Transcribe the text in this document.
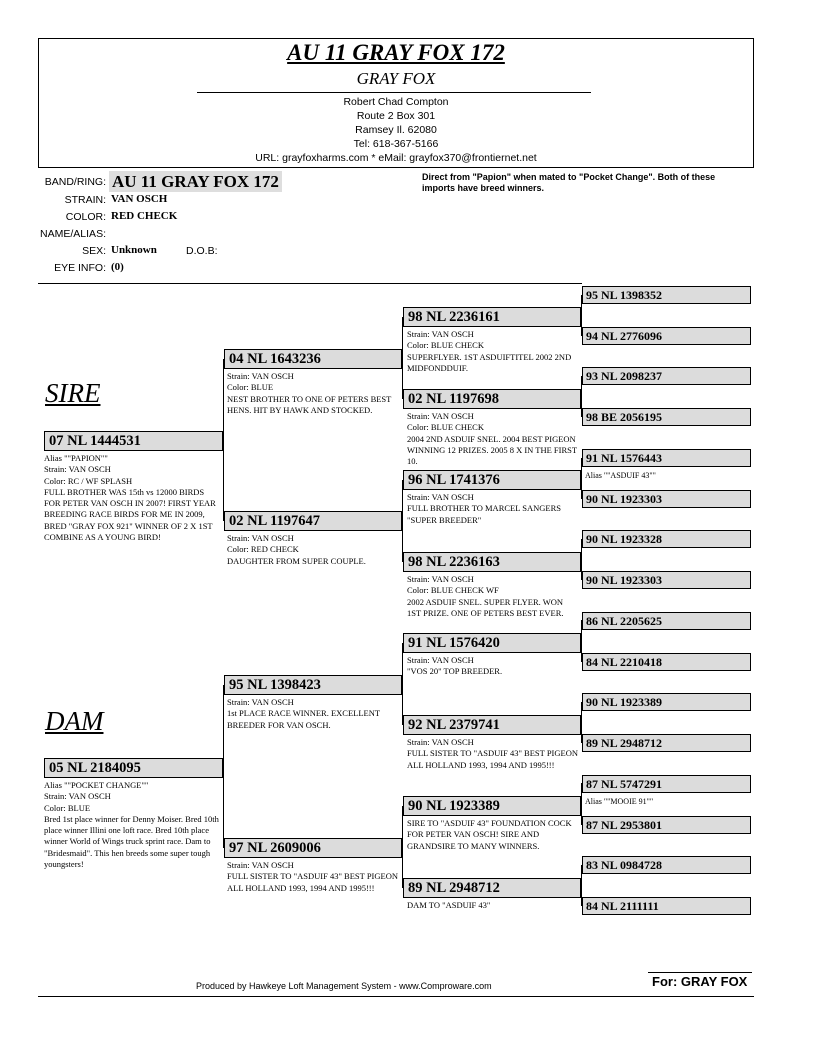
AU 11 GRAY FOX 172
GRAY FOX
Robert Chad Compton
Route 2 Box 301
Ramsey Il. 62080
Tel: 618-367-5166
URL: grayfoxharms.com * eMail: grayfox370@frontiernet.net
BAND/RING: AU 11 GRAY FOX 172
STRAIN: VAN OSCH
COLOR: RED CHECK
NAME/ALIAS:
SEX: Unknown	D.O.B:
EYE INFO: (0)
Direct from "Papion" when mated to "Pocket Change". Both of these imports have breed winners.
SIRE
DAM
07 NL 1444531
Alias ""PAPION""
Strain: VAN OSCH
Color: RC / WF SPLASH
FULL BROTHER WAS 15th vs 12000 BIRDS FOR PETER VAN OSCH IN 2007! FIRST YEAR BREEDING RACE BIRDS FOR ME IN 2009, BRED "GRAY FOX 921" WINNER OF 2 X 1ST COMBINE AS A YOUNG BIRD!
05 NL 2184095
Alias ""POCKET CHANGE""
Strain: VAN OSCH
Color: BLUE
Bred 1st place winner for Denny Moiser. Bred 10th place winner Illini one loft race. Bred 10th place winner World of Wings truck sprint race. Dam to "Bridesmaid". This hen breeds some super tough youngsters!
04 NL 1643236
Strain: VAN OSCH
Color: BLUE
NEST BROTHER TO ONE OF PETERS BEST HENS. HIT BY HAWK AND STOCKED.
02 NL 1197647
Strain: VAN OSCH
Color: RED CHECK
DAUGHTER FROM SUPER COUPLE.
95 NL 1398423
Strain: VAN OSCH
1st PLACE RACE WINNER. EXCELLENT BREEDER FOR VAN OSCH.
97 NL 2609006
Strain: VAN OSCH
FULL SISTER TO "ASDUIF 43" BEST PIGEON ALL HOLLAND 1993, 1994 AND 1995!!!
98 NL 2236161
Strain: VAN OSCH
Color: BLUE CHECK
SUPERFLYER. 1ST ASDUIFTITEL 2002 2ND MIDFONDDUIF.
02 NL 1197698
Strain: VAN OSCH
Color: BLUE CHECK
2004 2ND ASDUIF SNEL. 2004 BEST PIGEON WINNING 12 PRIZES. 2005 8 X IN THE FIRST 10.
96 NL 1741376
Strain: VAN OSCH
FULL BROTHER TO MARCEL SANGERS "SUPER BREEDER"
98 NL 2236163
Strain: VAN OSCH
Color: BLUE CHECK WF
2002 ASDUIF SNEL. SUPER FLYER. WON 1ST PRIZE. ONE OF PETERS BEST EVER.
91 NL 1576420
Strain: VAN OSCH
"VOS 20" TOP BREEDER.
92 NL 2379741
Strain: VAN OSCH
FULL SISTER TO "ASDUIF 43" BEST PIGEON ALL HOLLAND 1993, 1994 AND 1995!!!
90 NL 1923389
SIRE TO "ASDUIF 43" FOUNDATION COCK FOR PETER VAN OSCH! SIRE AND GRANDSIRE TO MANY WINNERS.
89 NL 2948712
DAM TO "ASDUIF 43"
95 NL 1398352
94 NL 2776096
93 NL 2098237
98 BE 2056195
91 NL 1576443
Alias ""ASDUIF 43""
90 NL 1923303
90 NL 1923328
90 NL 1923303
86 NL 2205625
84 NL 2210418
90 NL 1923389
89 NL 2948712
87 NL 5747291
Alias ""MOOIE 91""
87 NL 2953801
83 NL 0984728
84 NL 2111111
Produced by Hawkeye Loft Management System - www.Comproware.com	For: GRAY FOX
